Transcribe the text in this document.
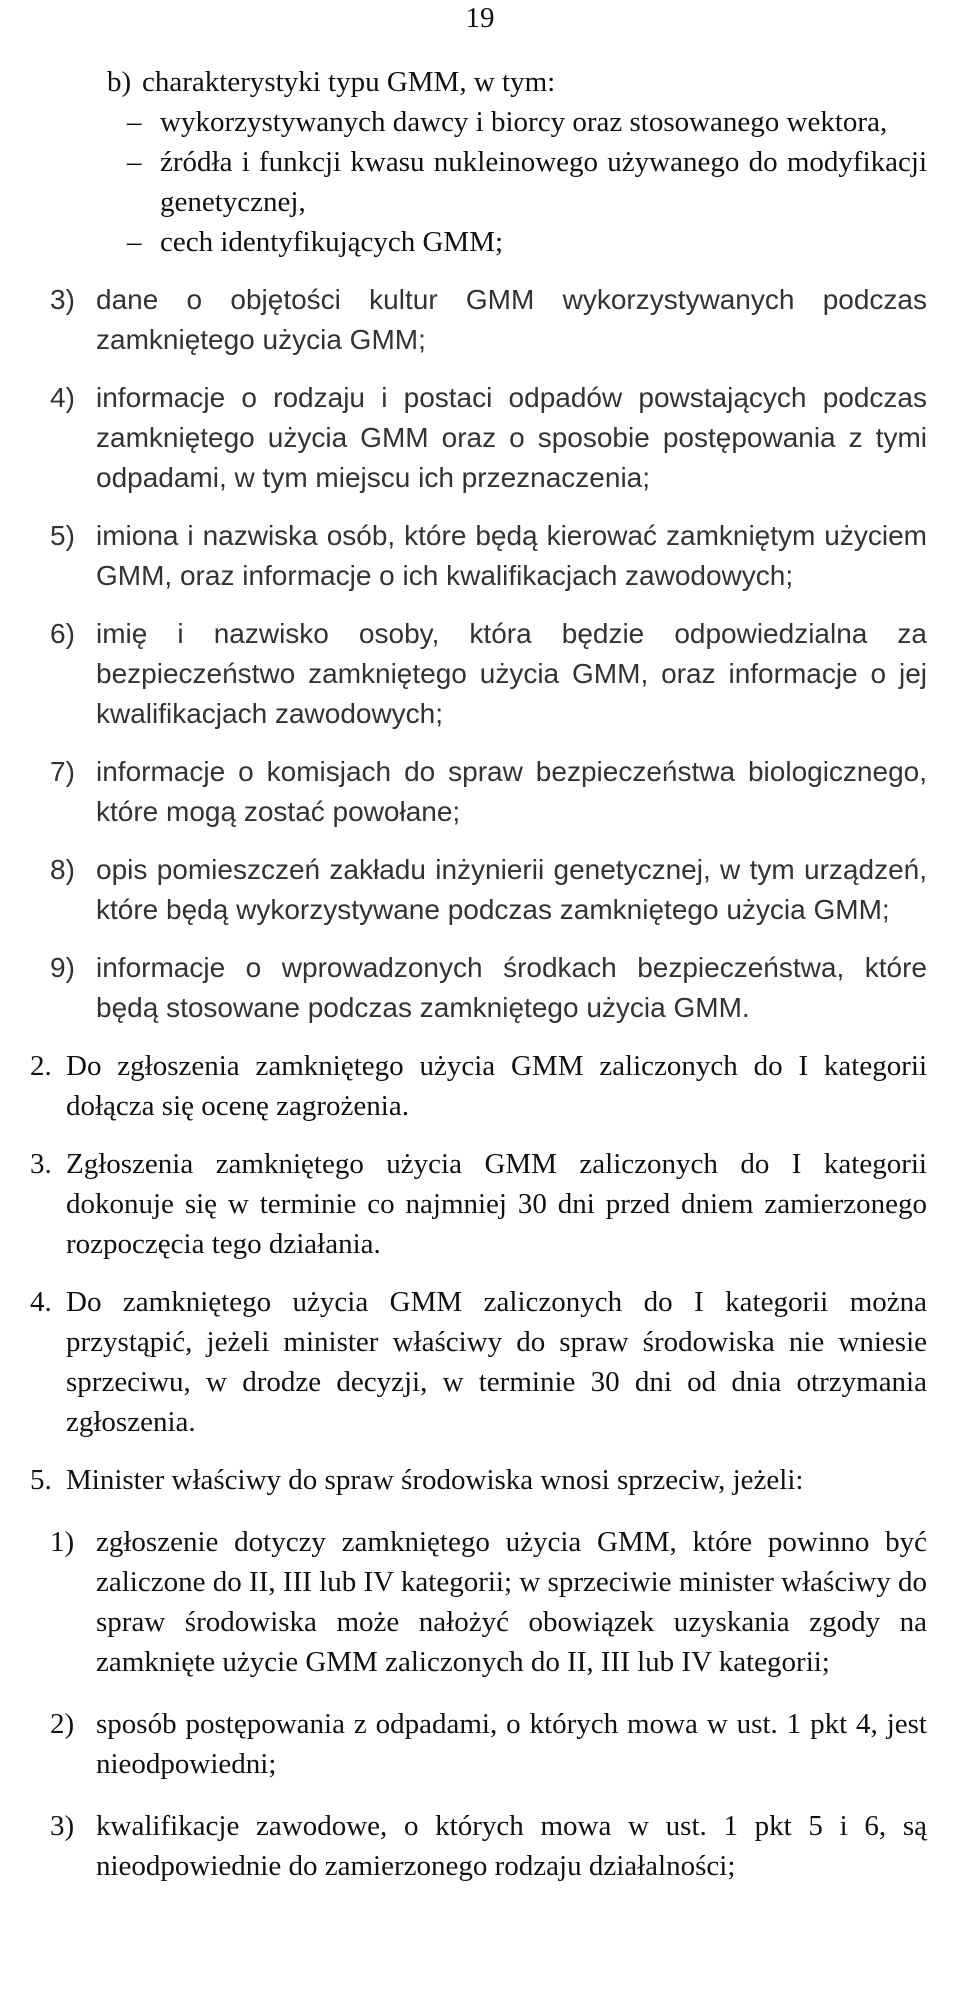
19
b) charakterystyki typu GMM, w tym:
– wykorzystywanych dawcy i biorcy oraz stosowanego wektora,
– źródła i funkcji kwasu nukleinowego używanego do modyfikacji genetycznej,
– cech identyfikujących GMM;
3) dane o objętości kultur GMM wykorzystywanych podczas zamkniętego użycia GMM;
4) informacje o rodzaju i postaci odpadów powstających podczas zamkniętego użycia GMM oraz o sposobie postępowania z tymi odpadami, w tym miejscu ich przeznaczenia;
5) imiona i nazwiska osób, które będą kierować zamkniętym użyciem GMM, oraz informacje o ich kwalifikacjach zawodowych;
6) imię i nazwisko osoby, która będzie odpowiedzialna za bezpieczeństwo zamkniętego użycia GMM, oraz informacje o jej kwalifikacjach zawodowych;
7) informacje o komisjach do spraw bezpieczeństwa biologicznego, które mogą zostać powołane;
8) opis pomieszczeń zakładu inżynierii genetycznej, w tym urządzeń, które będą wykorzystywane podczas zamkniętego użycia GMM;
9) informacje o wprowadzonych środkach bezpieczeństwa, które będą stosowane podczas zamkniętego użycia GMM.
2. Do zgłoszenia zamkniętego użycia GMM zaliczonych do I kategorii dołącza się ocenę zagrożenia.
3. Zgłoszenia zamkniętego użycia GMM zaliczonych do I kategorii dokonuje się w terminie co najmniej 30 dni przed dniem zamierzonego rozpoczęcia tego działania.
4. Do zamkniętego użycia GMM zaliczonych do I kategorii można przystąpić, jeżeli minister właściwy do spraw środowiska nie wniesie sprzeciwu, w drodze decyzji, w terminie 30 dni od dnia otrzymania zgłoszenia.
5. Minister właściwy do spraw środowiska wnosi sprzeciw, jeżeli:
1) zgłoszenie dotyczy zamkniętego użycia GMM, które powinno być zaliczone do II, III lub IV kategorii; w sprzeciwie minister właściwy do spraw środowiska może nałożyć obowiązek uzyskania zgody na zamknięte użycie GMM zaliczonych do II, III lub IV kategorii;
2) sposób postępowania z odpadami, o których mowa w ust. 1 pkt 4, jest nieodpowiedni;
3) kwalifikacje zawodowe, o których mowa w ust. 1 pkt 5 i 6, są nieodpowiednie do zamierzonego rodzaju działalności;
